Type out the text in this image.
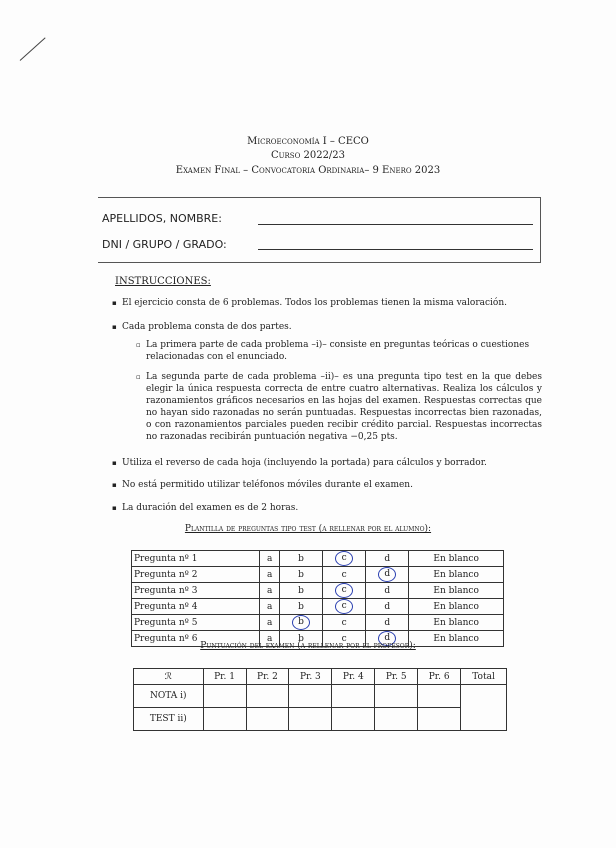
Microeconomía I – CECO
Curso 2022/23
Examen Final – Convocatoria Ordinaria– 9 Enero 2023
APELLIDOS, NOMBRE:
DNI / GRUPO / GRADO:
INSTRUCCIONES:
▪ El ejercicio consta de 6 problemas. Todos los problemas tienen la misma valoración.
▪ Cada problema consta de dos partes.
▫ La primera parte de cada problema –i)– consiste en preguntas teóricas o cuestiones relacionadas con el enunciado.
▫ La segunda parte de cada problema –ii)– es una pregunta tipo test en la que debes elegir la única respuesta correcta de entre cuatro alternativas. Realiza los cálculos y razonamientos gráficos necesarios en las hojas del examen. Respuestas correctas que no hayan sido razonadas no serán puntuadas. Respuestas incorrectas bien razonadas, o con razonamientos parciales pueden recibir crédito parcial. Respuestas incorrectas no razonadas recibirán puntuación negativa −0,25 pts.
▪ Utiliza el reverso de cada hoja (incluyendo la portada) para cálculos y borrador.
▪ No está permitido utilizar teléfonos móviles durante el examen.
▪ La duración del examen es de 2 horas.
Plantilla de preguntas tipo test (a rellenar por el alumno):
Pregunta nº 1	a	b	c	d	En blanco
Pregunta nº 2	a	b	c	d	En blanco
Pregunta nº 3	a	b	c	d	En blanco
Pregunta nº 4	a	b	c	d	En blanco
Pregunta nº 5	a	b	c	d	En blanco
Pregunta nº 6	a	b	c	d	En blanco
Puntuación del examen (a rellenar por el profesor):
ℛ	Pr. 1	Pr. 2	Pr. 3	Pr. 4	Pr. 5	Pr. 6	Total
NOTA i)							
TEST ii)							
